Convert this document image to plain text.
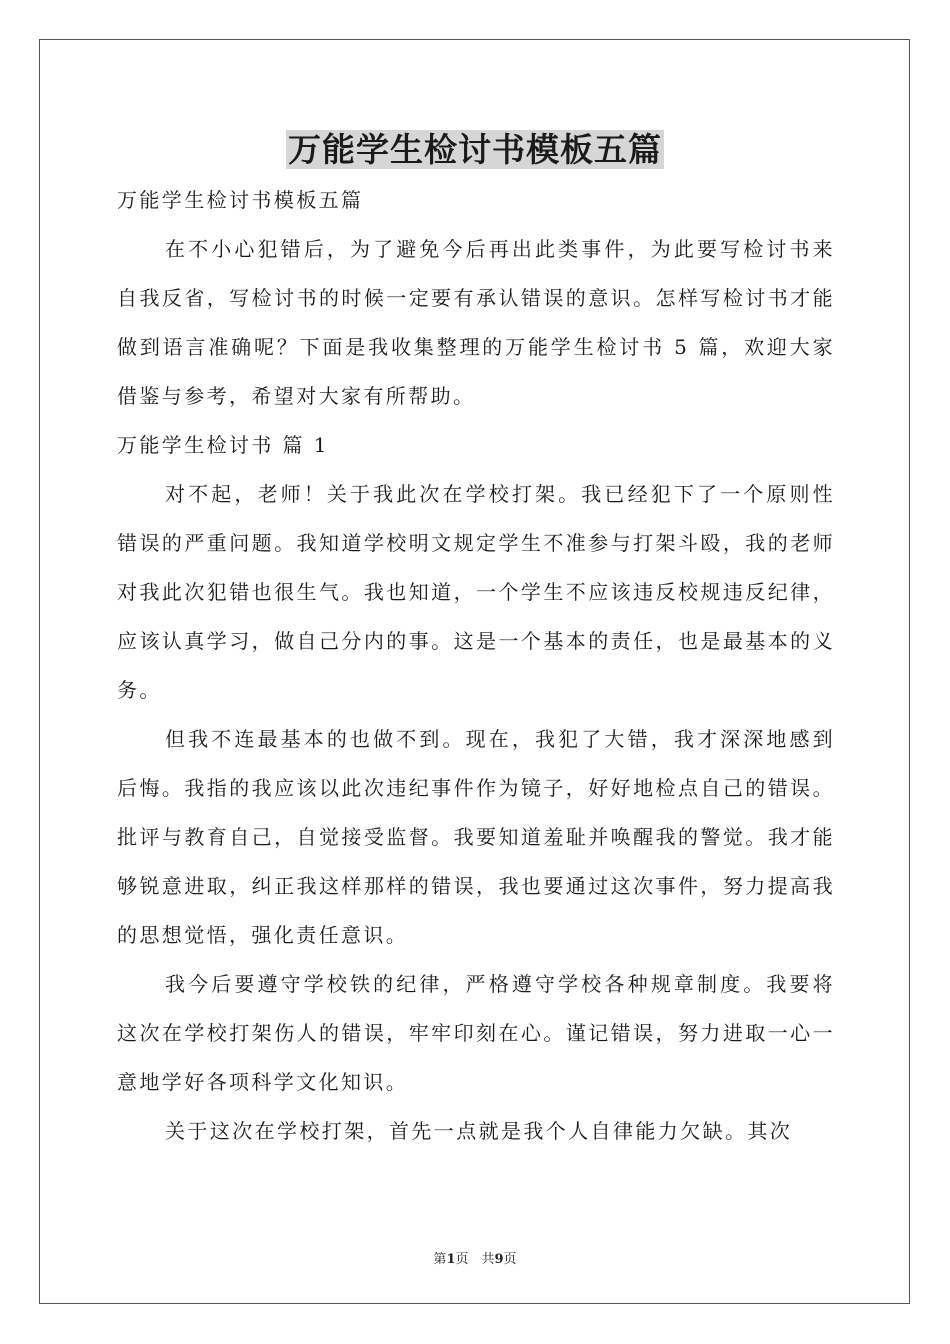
万能学生检讨书模板五篇

万能学生检讨书模板五篇

在不小心犯错后，为了避免今后再出此类事件，为此要写检讨书来自我反省，写检讨书的时候一定要有承认错误的意识。怎样写检讨书才能做到语言准确呢？下面是我收集整理的万能学生检讨书 5 篇，欢迎大家借鉴与参考，希望对大家有所帮助。

万能学生检讨书 篇 1

对不起，老师！关于我此次在学校打架。我已经犯下了一个原则性错误的严重问题。我知道学校明文规定学生不准参与打架斗殴，我的老师对我此次犯错也很生气。我也知道，一个学生不应该违反校规违反纪律，应该认真学习，做自己分内的事。这是一个基本的责任，也是最基本的义务。

但我不连最基本的也做不到。现在，我犯了大错，我才深深地感到后悔。我指的我应该以此次违纪事件作为镜子，好好地检点自己的错误。批评与教育自己，自觉接受监督。我要知道羞耻并唤醒我的警觉。我才能够锐意进取，纠正我这样那样的错误，我也要通过这次事件，努力提高我的思想觉悟，强化责任意识。

我今后要遵守学校铁的纪律，严格遵守学校各种规章制度。我要将这次在学校打架伤人的错误，牢牢印刻在心。谨记错误，努力进取一心一意地学好各项科学文化知识。

关于这次在学校打架，首先一点就是我个人自律能力欠缺。其次

第1页　共9页
